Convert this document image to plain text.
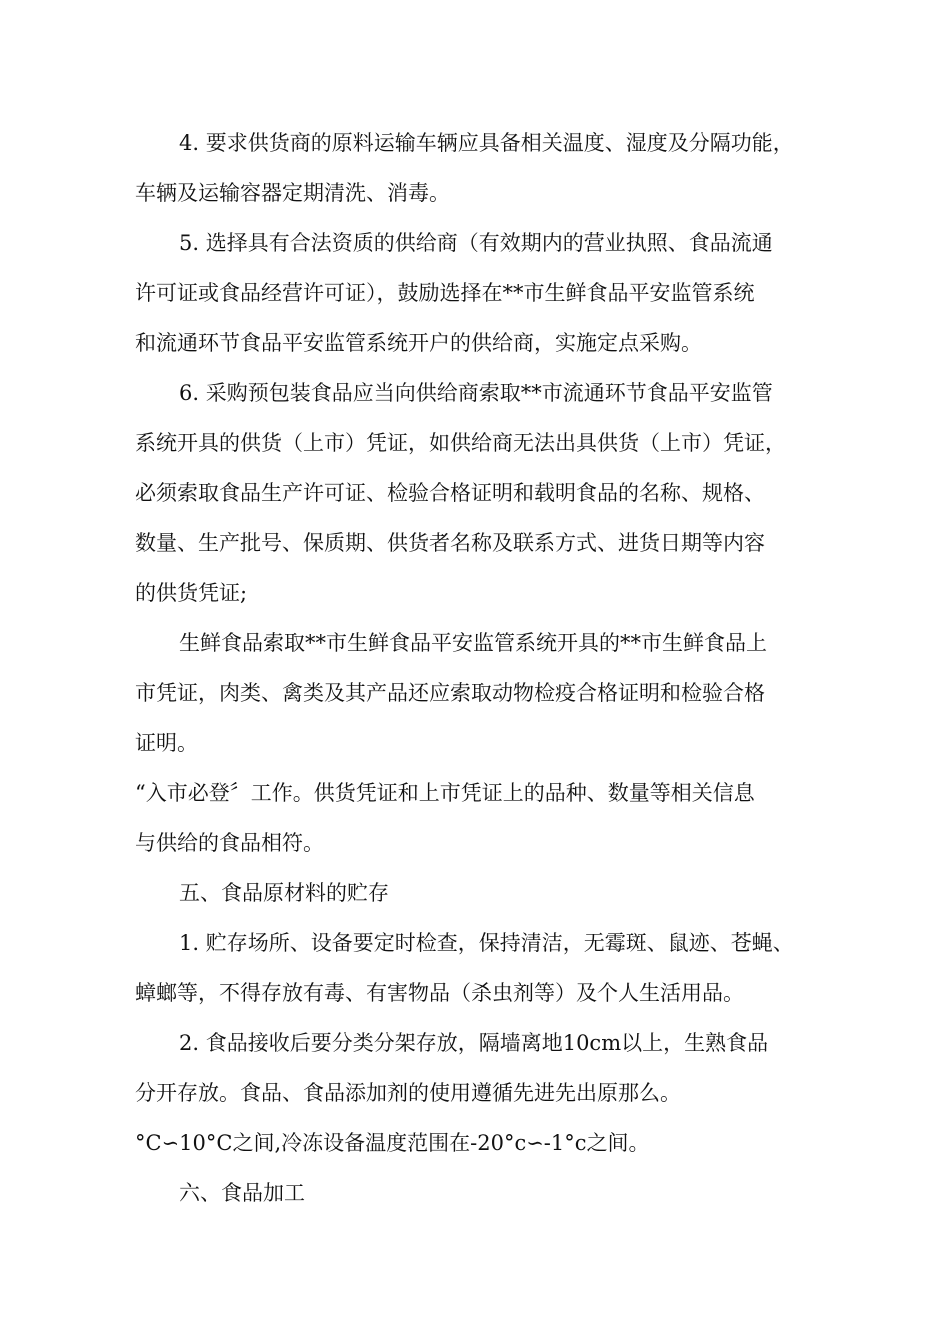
4. 要求供货商的原料运输车辆应具备相关温度、湿度及分隔功能，
车辆及运输容器定期清洗、消毒。
5. 选择具有合法资质的供给商（有效期内的营业执照、食品流通
许可证或食品经营许可证），鼓励选择在**市生鲜食品平安监管系统
和流通环节食品平安监管系统开户的供给商，实施定点采购。
6. 采购预包装食品应当向供给商索取**市流通环节食品平安监管
系统开具的供货（上市）凭证，如供给商无法出具供货（上市）凭证，
必须索取食品生产许可证、检验合格证明和载明食品的名称、规格、
数量、生产批号、保质期、供货者名称及联系方式、进货日期等内容
的供货凭证;
生鲜食品索取**市生鲜食品平安监管系统开具的**市生鲜食品上
市凭证，肉类、禽类及其产品还应索取动物检疫合格证明和检验合格
证明。
“入市必登〞工作。供货凭证和上市凭证上的品种、数量等相关信息
与供给的食品相符。
五、食品原材料的贮存
1. 贮存场所、设备要定时检查，保持清洁，无霉斑、鼠迹、苍蝇、
蟑螂等，不得存放有毒、有害物品（杀虫剂等）及个人生活用品。
2. 食品接收后要分类分架存放，隔墙离地10cm以上，生熟食品
分开存放。食品、食品添加剂的使用遵循先进先出原那么。
°C∽10°C之间,冷冻设备温度范围在-20°c∽-1°c之间。
六、食品加工
